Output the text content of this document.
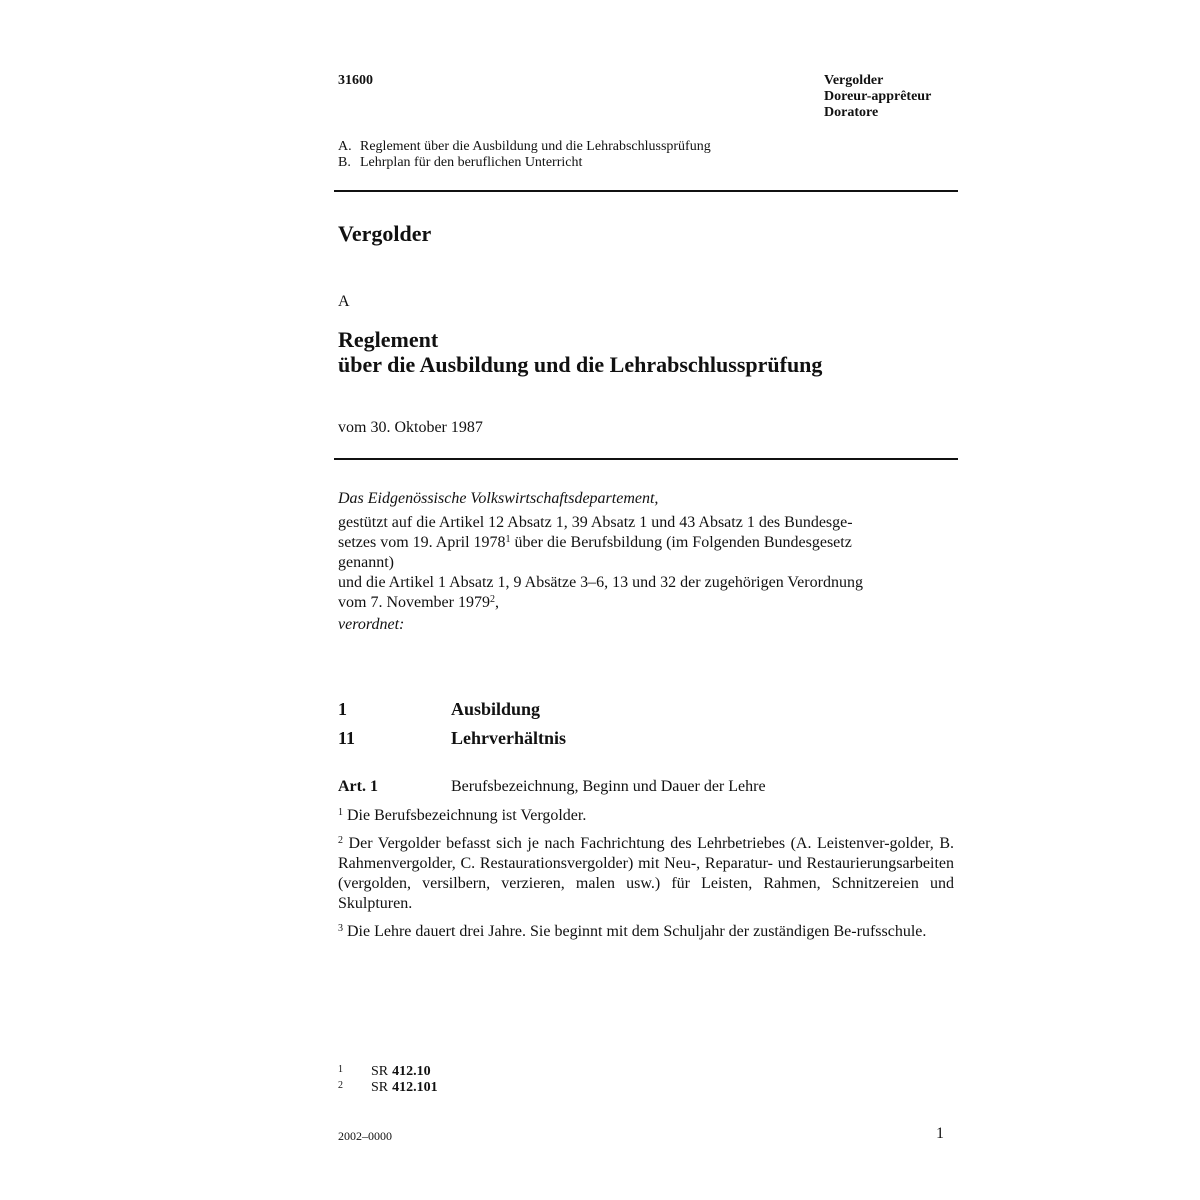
31600	Vergolder
Doreur-apprêteur
Doratore
A. Reglement über die Ausbildung und die Lehrabschlussprüfung
B. Lehrplan für den beruflichen Unterricht
Vergolder
A
Reglement
über die Ausbildung und die Lehrabschlussprüfung
vom 30. Oktober 1987

Das Eidgenössische Volkswirtschaftsdepartement,

gestützt auf die Artikel 12 Absatz 1, 39 Absatz 1 und 43 Absatz 1 des Bundesge-

setzes vom 19. April 1978$^1$ über die Berufsbildung (im Folgenden Bundesgesetz

genannt)

und die Artikel 1 Absatz 1, 9 Absätze 3–6, 13 und 32 der zugehörigen Verordnung

vom 7. November 1979$^2$,

verordnet:

1	Ausbildung
11	Lehrverhältnis
Art. 1	Berufsbezeichnung, Beginn und Dauer der Lehre

$^1$ Die Berufsbezeichnung ist Vergolder.

$^2$ Der Vergolder befasst sich je nach Fachrichtung des Lehrbetriebes (A. Leistenver-golder, B. Rahmenvergolder, C. Restaurationsvergolder) mit Neu-, Reparatur- und Restaurierungsarbeiten (vergolden, versilbern, verzieren, malen usw.) für Leisten, Rahmen, Schnitzereien und Skulpturen.

$^3$ Die Lehre dauert drei Jahre. Sie beginnt mit dem Schuljahr der zuständigen Be-rufsschule.

1	SR 412.10
2	SR 412.101
2002–0000	1
